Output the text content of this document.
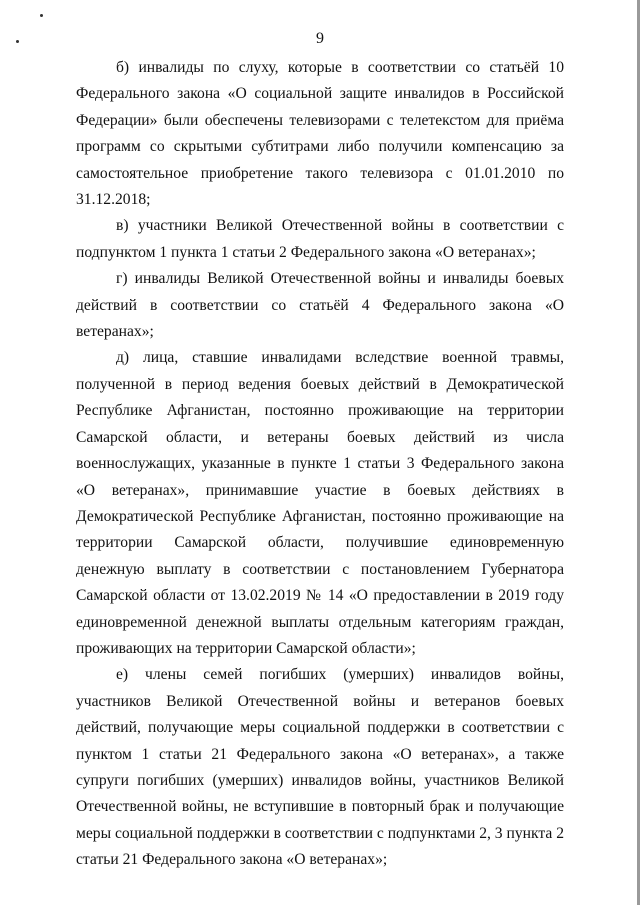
9

б) инвалиды по слуху, которые в соответствии со статьёй 10 Федерального закона «О социальной защите инвалидов в Российской Федерации» были обеспечены телевизорами с телетекстом для приёма программ со скрытыми субтитрами либо получили компенсацию за самостоятельное приобретение такого телевизора с 01.01.2010 по 31.12.2018;

в) участники Великой Отечественной войны в соответствии с подпунктом 1 пункта 1 статьи 2 Федерального закона «О ветеранах»;

г) инвалиды Великой Отечественной войны и инвалиды боевых действий в соответствии со статьёй 4 Федерального закона «О ветеранах»;

д) лица, ставшие инвалидами вследствие военной травмы, полученной в период ведения боевых действий в Демократической Республике Афганистан, постоянно проживающие на территории Самарской области, и ветераны боевых действий из числа военнослужащих, указанные в пункте 1 статьи 3 Федерального закона «О ветеранах», принимавшие участие в боевых действиях в Демократической Республике Афганистан, постоянно проживающие на территории Самарской области, получившие единовременную денежную выплату в соответствии с постановлением Губернатора Самарской области от 13.02.2019 № 14 «О предоставлении в 2019 году единовременной денежной выплаты отдельным категориям граждан, проживающих на территории Самарской области»;

е) члены семей погибших (умерших) инвалидов войны, участников Великой Отечественной войны и ветеранов боевых действий, получающие меры социальной поддержки в соответствии с пунктом 1 статьи 21 Федерального закона «О ветеранах», а также супруги погибших (умерших) инвалидов войны, участников Великой Отечественной войны, не вступившие в повторный брак и получающие меры социальной поддержки в соответствии с подпунктами 2, 3 пункта 2 статьи 21 Федерального закона «О ветеранах»;
